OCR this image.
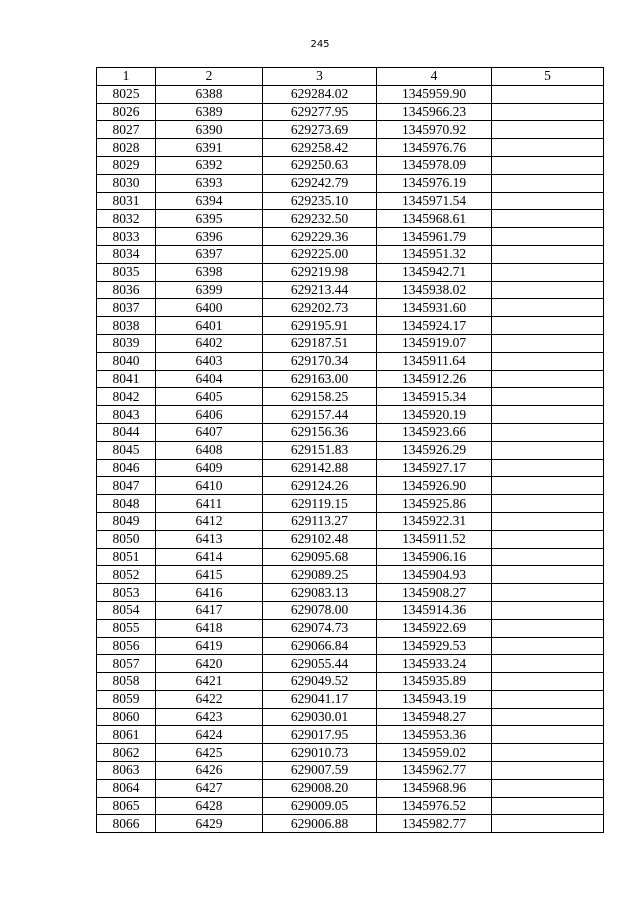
245
1	2	3	4	5
8025	6388	629284.02	1345959.90	
8026	6389	629277.95	1345966.23	
8027	6390	629273.69	1345970.92	
8028	6391	629258.42	1345976.76	
8029	6392	629250.63	1345978.09	
8030	6393	629242.79	1345976.19	
8031	6394	629235.10	1345971.54	
8032	6395	629232.50	1345968.61	
8033	6396	629229.36	1345961.79	
8034	6397	629225.00	1345951.32	
8035	6398	629219.98	1345942.71	
8036	6399	629213.44	1345938.02	
8037	6400	629202.73	1345931.60	
8038	6401	629195.91	1345924.17	
8039	6402	629187.51	1345919.07	
8040	6403	629170.34	1345911.64	
8041	6404	629163.00	1345912.26	
8042	6405	629158.25	1345915.34	
8043	6406	629157.44	1345920.19	
8044	6407	629156.36	1345923.66	
8045	6408	629151.83	1345926.29	
8046	6409	629142.88	1345927.17	
8047	6410	629124.26	1345926.90	
8048	6411	629119.15	1345925.86	
8049	6412	629113.27	1345922.31	
8050	6413	629102.48	1345911.52	
8051	6414	629095.68	1345906.16	
8052	6415	629089.25	1345904.93	
8053	6416	629083.13	1345908.27	
8054	6417	629078.00	1345914.36	
8055	6418	629074.73	1345922.69	
8056	6419	629066.84	1345929.53	
8057	6420	629055.44	1345933.24	
8058	6421	629049.52	1345935.89	
8059	6422	629041.17	1345943.19	
8060	6423	629030.01	1345948.27	
8061	6424	629017.95	1345953.36	
8062	6425	629010.73	1345959.02	
8063	6426	629007.59	1345962.77	
8064	6427	629008.20	1345968.96	
8065	6428	629009.05	1345976.52	
8066	6429	629006.88	1345982.77	
